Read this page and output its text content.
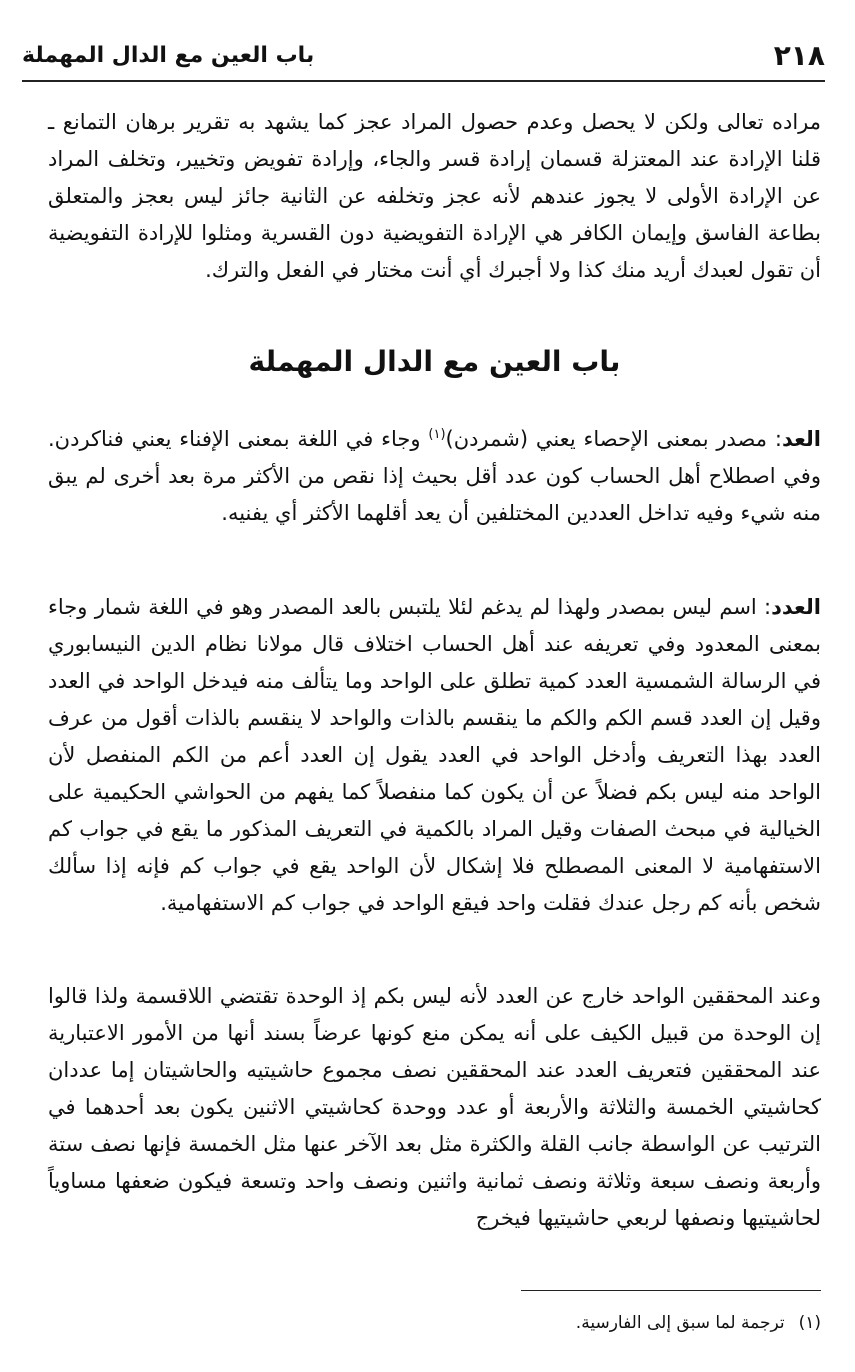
٢١٨
باب العين مع الدال المهملة

مراده تعالى ولكن لا يحصل وعدم حصول المراد عجز كما يشهد به تقرير برهان التمانع ـ قلنا الإرادة عند المعتزلة قسمان إرادة قسر والجاء، وإرادة تفويض وتخيير، وتخلف المراد عن الإرادة الأولى لا يجوز عندهم لأنه عجز وتخلفه عن الثانية جائز ليس بعجز والمتعلق بطاعة الفاسق وإيمان الكافر هي الإرادة التفويضية دون القسرية ومثلوا للإرادة التفويضية أن تقول لعبدك أريد منك كذا ولا أجبرك أي أنت مختار في الفعل والترك.

باب العين مع الدال المهملة

العد: مصدر بمعنى الإحصاء يعني (شمردن)$^{(١)}$ وجاء في اللغة بمعنى الإفناء يعني فناكردن. وفي اصطلاح أهل الحساب كون عدد أقل بحيث إذا نقص من الأكثر مرة بعد أخرى لم يبق منه شيء وفيه تداخل العددين المختلفين أن يعد أقلهما الأكثر أي يفنيه.

العدد: اسم ليس بمصدر ولهذا لم يدغم لئلا يلتبس بالعد المصدر وهو في اللغة شمار وجاء بمعنى المعدود وفي تعريفه عند أهل الحساب اختلاف قال مولانا نظام الدين النيسابوري في الرسالة الشمسية العدد كمية تطلق على الواحد وما يتألف منه فيدخل الواحد في العدد وقيل إن العدد قسم الكم والكم ما ينقسم بالذات والواحد لا ينقسم بالذات أقول من عرف العدد بهذا التعريف وأدخل الواحد في العدد يقول إن العدد أعم من الكم المنفصل لأن الواحد منه ليس بكم فضلاً عن أن يكون كما منفصلاً كما يفهم من الحواشي الحكيمية على الخيالية في مبحث الصفات وقيل المراد بالكمية في التعريف المذكور ما يقع في جواب كم الاستفهامية لا المعنى المصطلح فلا إشكال لأن الواحد يقع في جواب كم فإنه إذا سألك شخص بأنه كم رجل عندك فقلت واحد فيقع الواحد في جواب كم الاستفهامية.

وعند المحققين الواحد خارج عن العدد لأنه ليس بكم إذ الوحدة تقتضي اللاقسمة ولذا قالوا إن الوحدة من قبيل الكيف على أنه يمكن منع كونها عرضاً بسند أنها من الأمور الاعتبارية عند المحققين فتعريف العدد عند المحققين نصف مجموع حاشيتيه والحاشيتان إما عددان كحاشيتي الخمسة والثلاثة والأربعة أو عدد ووحدة كحاشيتي الاثنين يكون بعد أحدهما في الترتيب عن الواسطة جانب القلة والكثرة مثل بعد الآخر عنها مثل الخمسة فإنها نصف ستة وأربعة ونصف سبعة وثلاثة ونصف ثمانية واثنين ونصف واحد وتسعة فيكون ضعفها مساوياً لحاشيتيها ونصفها لربعي حاشيتيها فيخرج

(١)ترجمة لما سبق إلى الفارسية.
